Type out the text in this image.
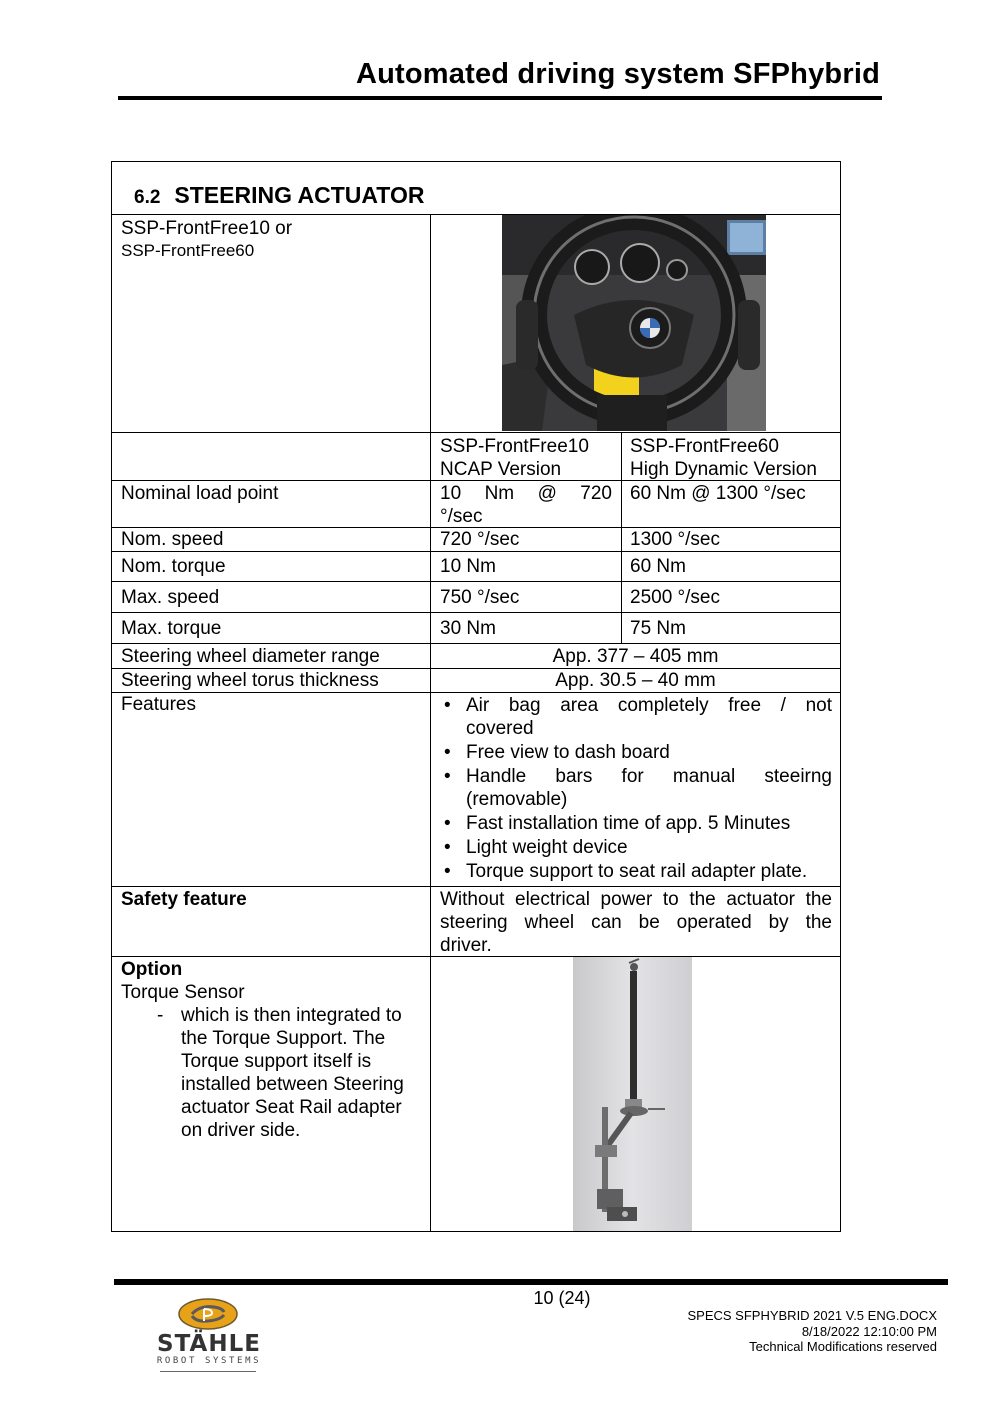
Automated driving system SFPhybrid
6.2 STEERING ACTUATOR
SSP-FrontFree10 or
SSP-FrontFree60
SSP-FrontFree10
NCAP Version
SSP-FrontFree60
High Dynamic Version
Nominal load point	10 Nm @ 720
°/sec
60 Nm @ 1300 °/sec
Nom. speed	720 °/sec	1300 °/sec
Nom. torque	10 Nm	60 Nm
Max. speed	750 °/sec	2500 °/sec
Max. torque	30 Nm	75 Nm
Steering wheel diameter range	App. 377 – 405 mm
Steering wheel torus thickness	App. 30.5 – 40 mm
Features
•	Air bag area completely free / not
covered
• Free view to dash board
• Handle bars for manual steeirng
(removable)
• Fast installation time of app. 5 Minutes
• Light weight device
• Torque support to seat rail adapter plate.
Safety feature	Without electrical power to the actuator the
steering wheel can be operated by the
driver.
Option
Torque Sensor
- which is then integrated to
the Torque Support. The
Torque support itself is
installed between Steering
actuator Seat Rail adapter
on driver side.
10 (24)
SPECS SFPHYBRID 2021 V.5 ENG.DOCX
8/18/2022 12:10:00 PM
Technical Modifications reserved
STÄHLE
ROBOT SYSTEMS
